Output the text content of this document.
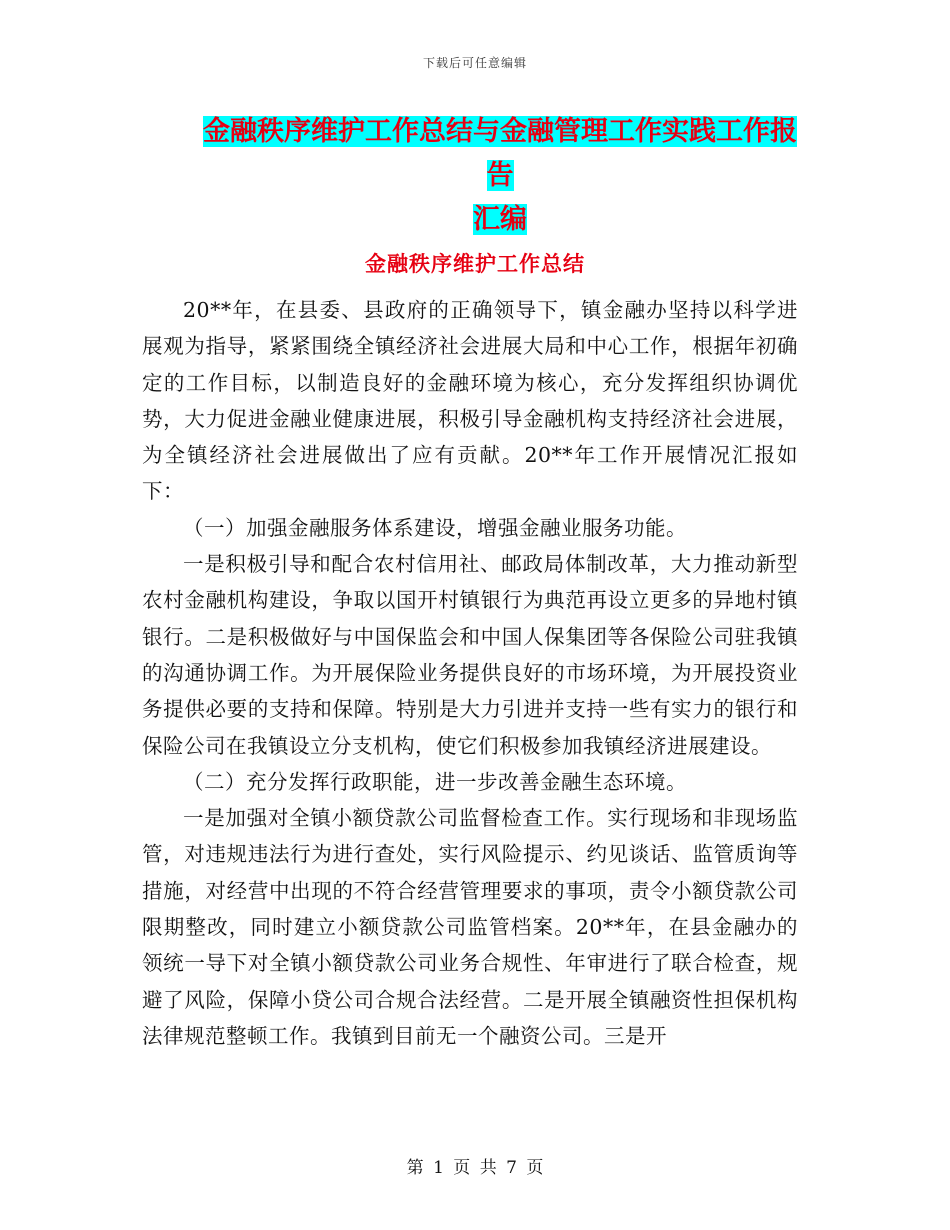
下载后可任意编辑
金融秩序维护工作总结与金融管理工作实践工作报告
汇编
金融秩序维护工作总结

20**年，在县委、县政府的正确领导下，镇金融办坚持以科学进展观为指导，紧紧围绕全镇经济社会进展大局和中心工作，根据年初确定的工作目标，以制造良好的金融环境为核心，充分发挥组织协调优势，大力促进金融业健康进展，积极引导金融机构支持经济社会进展，为全镇经济社会进展做出了应有贡献。20**年工作开展情况汇报如下：

（一）加强金融服务体系建设，增强金融业服务功能。

一是积极引导和配合农村信用社、邮政局体制改革，大力推动新型农村金融机构建设，争取以国开村镇银行为典范再设立更多的异地村镇银行。二是积极做好与中国保监会和中国人保集团等各保险公司驻我镇的沟通协调工作。为开展保险业务提供良好的市场环境，为开展投资业务提供必要的支持和保障。特别是大力引进并支持一些有实力的银行和保险公司在我镇设立分支机构，使它们积极参加我镇经济进展建设。

（二）充分发挥行政职能，进一步改善金融生态环境。

一是加强对全镇小额贷款公司监督检查工作。实行现场和非现场监管，对违规违法行为进行查处，实行风险提示、约见谈话、监管质询等措施，对经营中出现的不符合经营管理要求的事项，责令小额贷款公司限期整改，同时建立小额贷款公司监管档案。20**年，在县金融办的领统一导下对全镇小额贷款公司业务合规性、年审进行了联合检查，规避了风险，保障小贷公司合规合法经营。二是开展全镇融资性担保机构法律规范整顿工作。我镇到目前无一个融资公司。三是开

第 1 页 共 7 页
